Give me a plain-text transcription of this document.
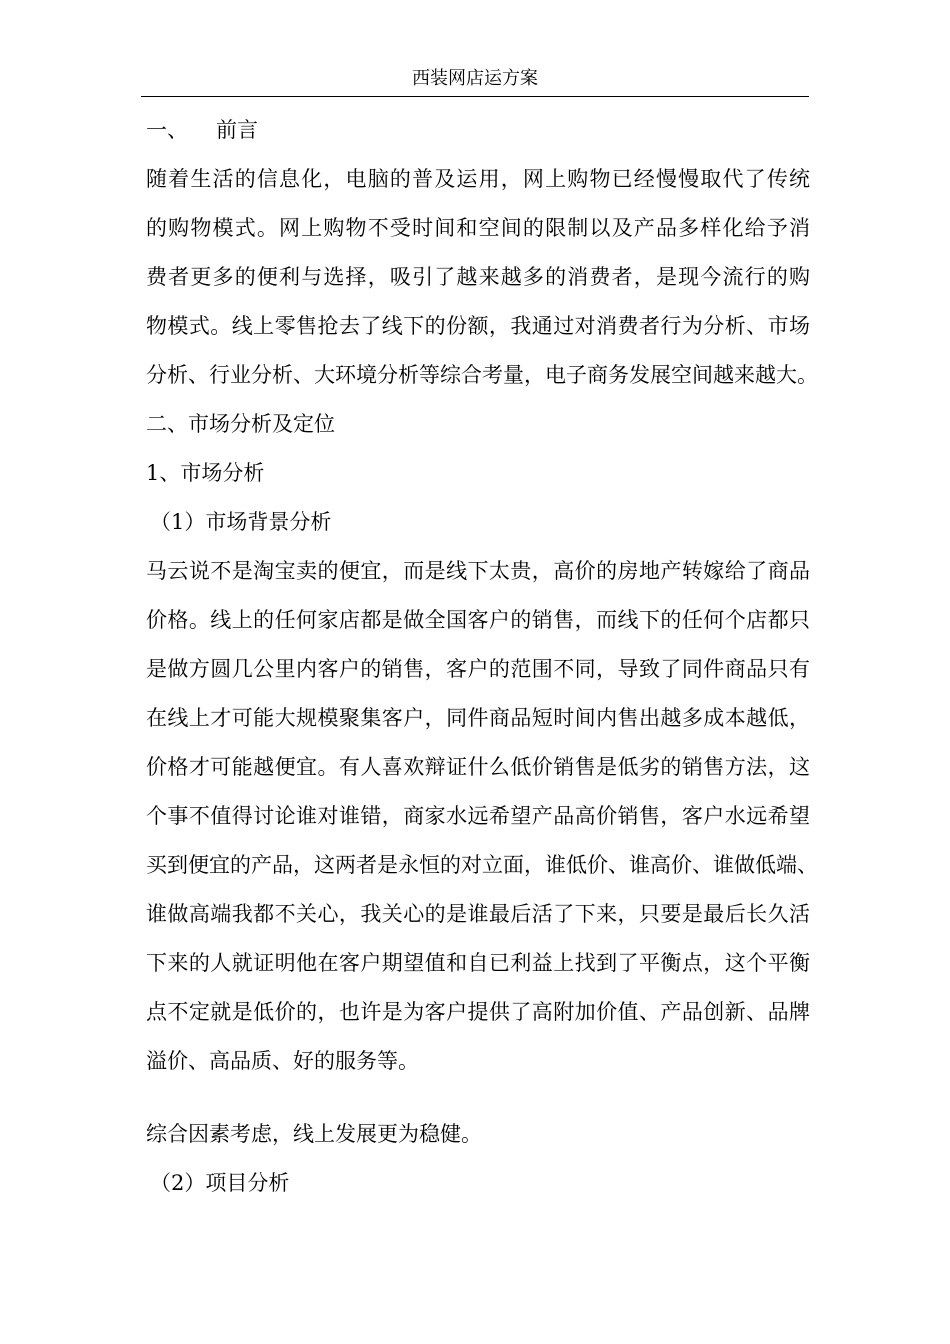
西装网店运方案
一、 前言
随着生活的信息化，电脑的普及运用，网上购物已经慢慢取代了传统
的购物模式。网上购物不受时间和空间的限制以及产品多样化给予消
费者更多的便利与选择，吸引了越来越多的消费者，是现今流行的购
物模式。线上零售抢去了线下的份额，我通过对消费者行为分析、市场
分析、行业分析、大环境分析等综合考量，电子商务发展空间越来越大。
二、市场分析及定位
1、市场分析
（1）市场背景分析
马云说不是淘宝卖的便宜，而是线下太贵，高价的房地产转嫁给了商品
价格。线上的任何家店都是做全国客户的销售，而线下的任何个店都只
是做方圆几公里内客户的销售，客户的范围不同，导致了同件商品只有
在线上才可能大规模聚集客户，同件商品短时间内售出越多成本越低，
价格才可能越便宜。有人喜欢辩证什么低价销售是低劣的销售方法，这
个事不值得讨论谁对谁错，商家水远希望产品高价销售，客户水远希望
买到便宜的产品，这两者是永恒的对立面，谁低价、谁高价、谁做低端、
谁做高端我都不关心，我关心的是谁最后活了下来，只要是最后长久活
下来的人就证明他在客户期望值和自已利益上找到了平衡点，这个平衡
点不定就是低价的，也许是为客户提供了高附加价值、产品创新、品牌
溢价、高品质、好的服务等。
综合因素考虑，线上发展更为稳健。
（2）项目分析
